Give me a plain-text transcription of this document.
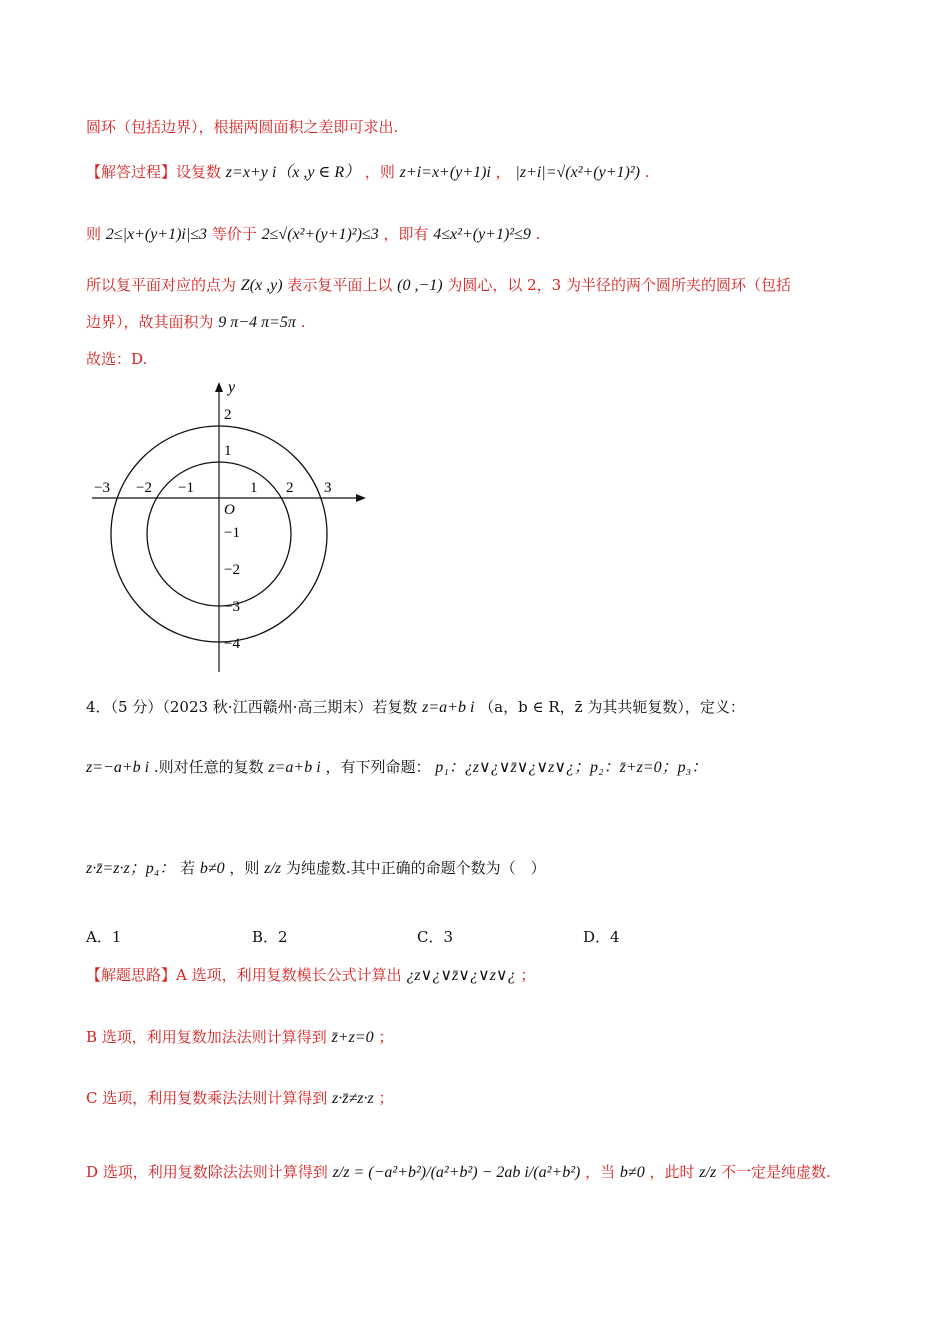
圆环（包括边界），根据两圆面积之差即可求出.
【解答过程】设复数 z=x+y i（x ,y ∈ R） ，则 z+i=x+(y+1)i ， |z+i|=√(x²+(y+1)²) .
则 2≤|x+(y+1)i|≤3 等价于 2≤√(x²+(y+1)²)≤3 ，即有 4≤x²+(y+1)²≤9 .
所以复平面对应的点为 Z(x ,y) 表示复平面上以 (0 ,−1) 为圆心，以 2，3 为半径的两个圆所夹的圆环（包括
边界），故其面积为 9 π−4 π=5π .
故选：D.
y
O
−3 −2 −1	1 2 3
2
1
−1
−2
−3
−4
4．（5 分）（2023 秋·江西赣州·高三期末）若复数 z=a+b i （a，b ∈ R，z̄ 为其共轭复数），定义：
z=−a+b i .则对任意的复数 z=a+b i ，有下列命题： p₁：¿z∨¿∨z̄∨¿∨z∨¿；p₂：z̄+z=0；p₃：
z·z̄=z·z；p₄： 若 b≠0 ，则 z/z 为纯虚数.其中正确的命题个数为（　）
A．1	B．2	C．3	D．4
【解题思路】A 选项，利用复数模长公式计算出 ¿z∨¿∨z̄∨¿∨z∨¿ ；
B 选项，利用复数加法法则计算得到 z̄+z=0 ；
C 选项，利用复数乘法法则计算得到 z·z̄≠z·z ；
D 选项，利用复数除法法则计算得到 z/z = (−a²+b²)/(a²+b²) − 2ab i/(a²+b²) ，当 b≠0 ，此时 z/z 不一定是纯虚数.
